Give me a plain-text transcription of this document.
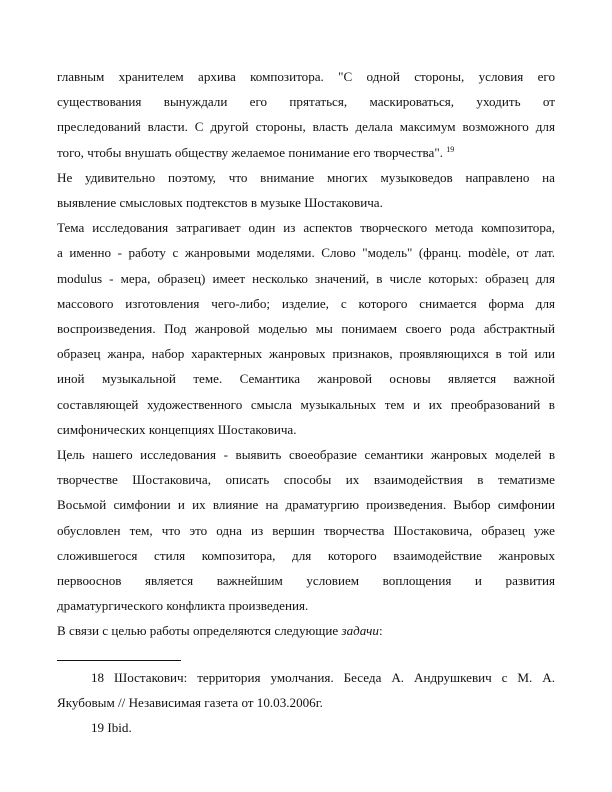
главным хранителем архива композитора. "С одной стороны, условия его
существования вынуждали его прятаться, маскироваться, уходить от
преследований власти. С другой стороны, власть делала максимум возможного для
того, чтобы внушать обществу желаемое понимание его творчества". $^{19}$

Не удивительно поэтому, что внимание многих музыковедов направлено на
выявление смысловых подтекстов в музыке Шостаковича.

Тема исследования затрагивает один из аспектов творческого метода композитора,
а именно - работу с жанровыми моделями. Слово "модель" (франц. modèle, от лат.
modulus - мера, образец) имеет несколько значений, в числе которых: образец для
массового изготовления чего-либо; изделие, с которого снимается форма для
воспроизведения. Под жанровой моделью мы понимаем своего рода абстрактный
образец жанра, набор характерных жанровых признаков, проявляющихся в той или
иной музыкальной теме. Семантика жанровой основы является важной
составляющей художественного смысла музыкальных тем и их преобразований в
симфонических концепциях Шостаковича.

Цель нашего исследования - выявить своеобразие семантики жанровых моделей в
творчестве Шостаковича, описать способы их взаимодействия в тематизме
Восьмой симфонии и их влияние на драматургию произведения. Выбор симфонии
обусловлен тем, что это одна из вершин творчества Шостаковича, образец уже
сложившегося стиля композитора, для которого взаимодействие жанровых
первооснов является важнейшим условием воплощения и развития
драматургического конфликта произведения.

В связи с целью работы определяются следующие задачи:

18 Шостакович: территория умолчания. Беседа А. Андрушкевич с М. А.
Якубовым // Независимая газета от 10.03.2006г.
19 Ibid.
